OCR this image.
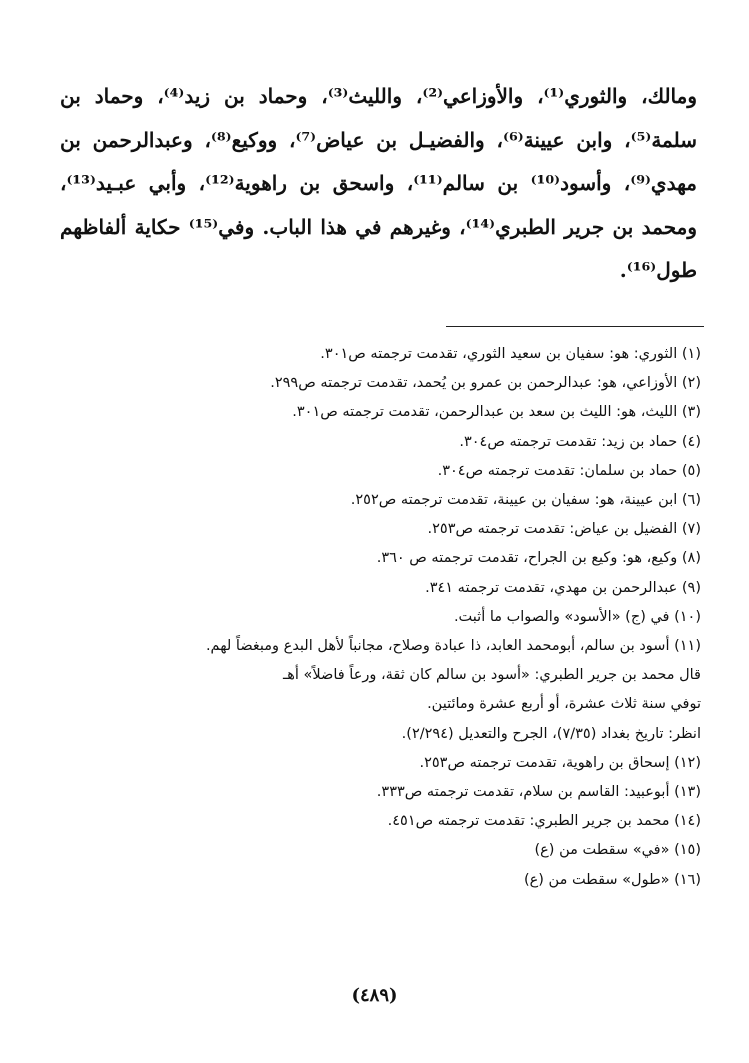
ومالك، والثوري⁽¹⁾، والأوزاعي⁽²⁾، والليث⁽³⁾، وحماد بن زيد⁽⁴⁾، وحماد بن
سلمة⁽⁵⁾، وابن عيينة⁽⁶⁾، والفضيـل بن عياض⁽⁷⁾، ووكيع⁽⁸⁾، وعبدالرحمن بن
مهدي⁽⁹⁾، وأسود⁽¹⁰⁾ بن سالم⁽¹¹⁾، واسحق بن راهوية⁽¹²⁾، وأبي عبـيد⁽¹³⁾،
ومحمد بن جرير الطبري⁽¹⁴⁾، وغيرهم في هذا الباب. وفي⁽¹⁵⁾ حكاية ألفاظهم
طول⁽¹⁶⁾.
(١) الثوري: هو: سفيان بن سعيد الثوري، تقدمت ترجمته ص٣٠١.
(٢) الأوزاعي، هو: عبدالرحمن بن عمرو بن يُحمد، تقدمت ترجمته ص٢٩٩.
(٣) الليث، هو: الليث بن سعد بن عبدالرحمن، تقدمت ترجمته ص٣٠١.
(٤) حماد بن زيد: تقدمت ترجمته ص٣٠٤.
(٥) حماد بن سلمان: تقدمت ترجمته ص٣٠٤.
(٦) ابن عيينة، هو: سفيان بن عيينة، تقدمت ترجمته ص٢٥٢.
(٧) الفضيل بن عياض: تقدمت ترجمته ص٢٥٣.
(٨) وكيع، هو: وكيع بن الجراح، تقدمت ترجمته ص ٣٦٠.
(٩) عبدالرحمن بن مهدي، تقدمت ترجمته ٣٤١.
(١٠) في (ج) «الأسود» والصواب ما أثبت.
(١١) أسود بن سالم، أبومحمد العابد، ذا عبادة وصلاح، مجانباً لأهل البدع ومبغضاً لهم.
قال محمد بن جرير الطبري: «أسود بن سالم كان ثقة، ورعاً فاضلاً» أهـ
توفي سنة ثلاث عشرة، أو أربع عشرة ومائتين.
انظر: تاريخ بغداد (٧/٣٥)، الجرح والتعديل (٢/٢٩٤).
(١٢) إسحاق بن راهوية، تقدمت ترجمته ص٢٥٣.
(١٣) أبوعبيد: القاسم بن سلام، تقدمت ترجمته ص٣٣٣.
(١٤) محمد بن جرير الطبري: تقدمت ترجمته ص٤٥١.
(١٥) «في» سقطت من (ع)
(١٦) «طول» سقطت من (ع)
(٤٨٩)
